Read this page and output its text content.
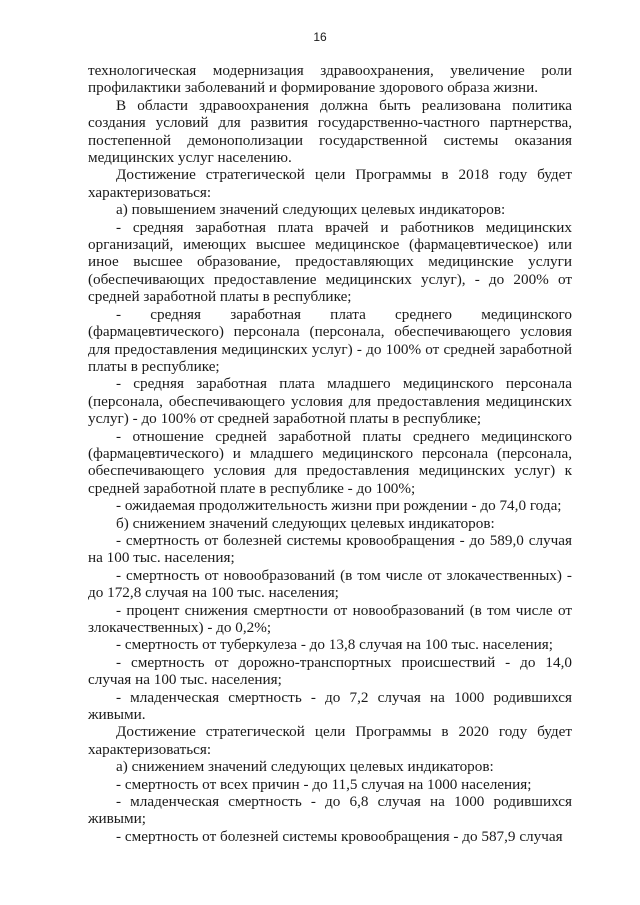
16

технологическая модернизация здравоохранения, увеличение роли профилактики заболеваний и формирование здорового образа жизни.

В области здравоохранения должна быть реализована политика создания условий для развития государственно-частного партнерства, постепенной демонополизации государственной системы оказания медицинских услуг населению.

Достижение стратегической цели Программы в 2018 году будет характеризоваться:

а) повышением значений следующих целевых индикаторов:

- средняя заработная плата врачей и работников медицинских организаций, имеющих высшее медицинское (фармацевтическое) или иное высшее образование, предоставляющих медицинские услуги (обеспечивающих предоставление медицинских услуг), - до 200% от средней заработной платы в республике;

- средняя заработная плата среднего медицинского (фармацевтического) персонала (персонала, обеспечивающего условия для предоставления медицинских услуг) - до 100% от средней заработной платы в республике;

- средняя заработная плата младшего медицинского персонала (персонала, обеспечивающего условия для предоставления медицинских услуг) - до 100% от средней заработной платы в республике;

- отношение средней заработной платы среднего медицинского (фармацевтического) и младшего медицинского персонала (персонала, обеспечивающего условия для предоставления медицинских услуг) к средней заработной плате в республике - до 100%;

- ожидаемая продолжительность жизни при рождении - до 74,0 года;

б) снижением значений следующих целевых индикаторов:

- смертность от болезней системы кровообращения - до 589,0 случая на 100 тыс. населения;

- смертность от новообразований (в том числе от злокачественных) - до 172,8 случая на 100 тыс. населения;

- процент снижения смертности от новообразований (в том числе от злокачественных) - до 0,2%;

- смертность от туберкулеза - до 13,8 случая на 100 тыс. населения;

- смертность от дорожно-транспортных происшествий - до 14,0 случая на 100 тыс. населения;

- младенческая смертность - до 7,2 случая на 1000 родившихся живыми.

Достижение стратегической цели Программы в 2020 году будет характеризоваться:

а) снижением значений следующих целевых индикаторов:

- смертность от всех причин - до 11,5 случая на 1000 населения;

- младенческая смертность - до 6,8 случая на 1000 родившихся живыми;

- смертность от болезней системы кровообращения - до 587,9 случая
